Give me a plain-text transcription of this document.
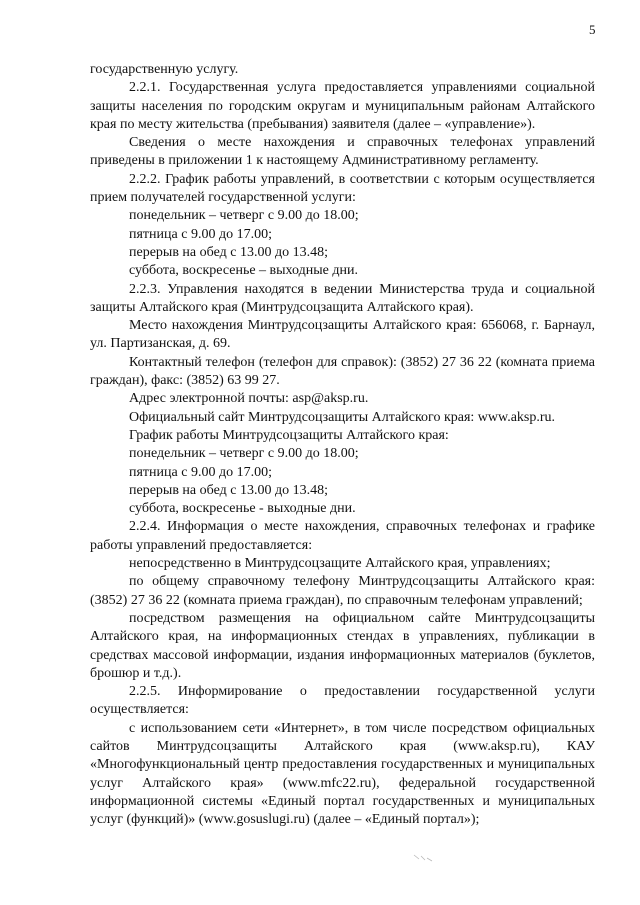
5

государственную услугу.

2.2.1. Государственная услуга предоставляется управлениями социальной защиты населения по городским округам и муниципальным районам Алтайского края по месту жительства (пребывания) заявителя (далее – «управление»).

Сведения о месте нахождения и справочных телефонах управлений приведены в приложении 1 к настоящему Административному регламенту.

2.2.2. График работы управлений, в соответствии с которым осуществляется прием получателей государственной услуги:

понедельник – четверг с 9.00 до 18.00;

пятница с 9.00 до 17.00;

перерыв на обед с 13.00 до 13.48;

суббота, воскресенье – выходные дни.

2.2.3. Управления находятся в ведении Министерства труда и социальной защиты Алтайского края (Минтрудсоцзащита Алтайского края).

Место нахождения Минтрудсоцзащиты Алтайского края: 656068, г. Барнаул, ул. Партизанская, д. 69.

Контактный телефон (телефон для справок): (3852) 27 36 22 (комната приема граждан), факс: (3852) 63 99 27.

Адрес электронной почты: asp@aksp.ru.

Официальный сайт Минтрудсоцзащиты Алтайского края: www.aksp.ru.

График работы Минтрудсоцзащиты Алтайского края:

понедельник – четверг с 9.00 до 18.00;

пятница с 9.00 до 17.00;

перерыв на обед с 13.00 до 13.48;

суббота, воскресенье - выходные дни.

2.2.4. Информация о месте нахождения, справочных телефонах и графике работы управлений предоставляется:

непосредственно в Минтрудсоцзащите Алтайского края, управлениях;

по общему справочному телефону Минтрудсоцзащиты Алтайского края: (3852) 27 36 22 (комната приема граждан), по справочным телефонам управлений;

посредством размещения на официальном сайте Минтрудсоцзащиты Алтайского края, на информационных стендах в управлениях, публикации в средствах массовой информации, издания информационных материалов (буклетов, брошюр и т.д.).

2.2.5. Информирование о предоставлении государственной услуги осуществляется:

с использованием сети «Интернет», в том числе посредством официальных сайтов Минтрудсоцзащиты Алтайского края (www.aksp.ru), КАУ «Многофункциональный центр предоставления государственных и муниципальных услуг Алтайского края» (www.mfc22.ru), федеральной государственной информационной системы «Единый портал государственных и муниципальных услуг (функций)» (www.gosuslugi.ru) (далее – «Единый портал»);
